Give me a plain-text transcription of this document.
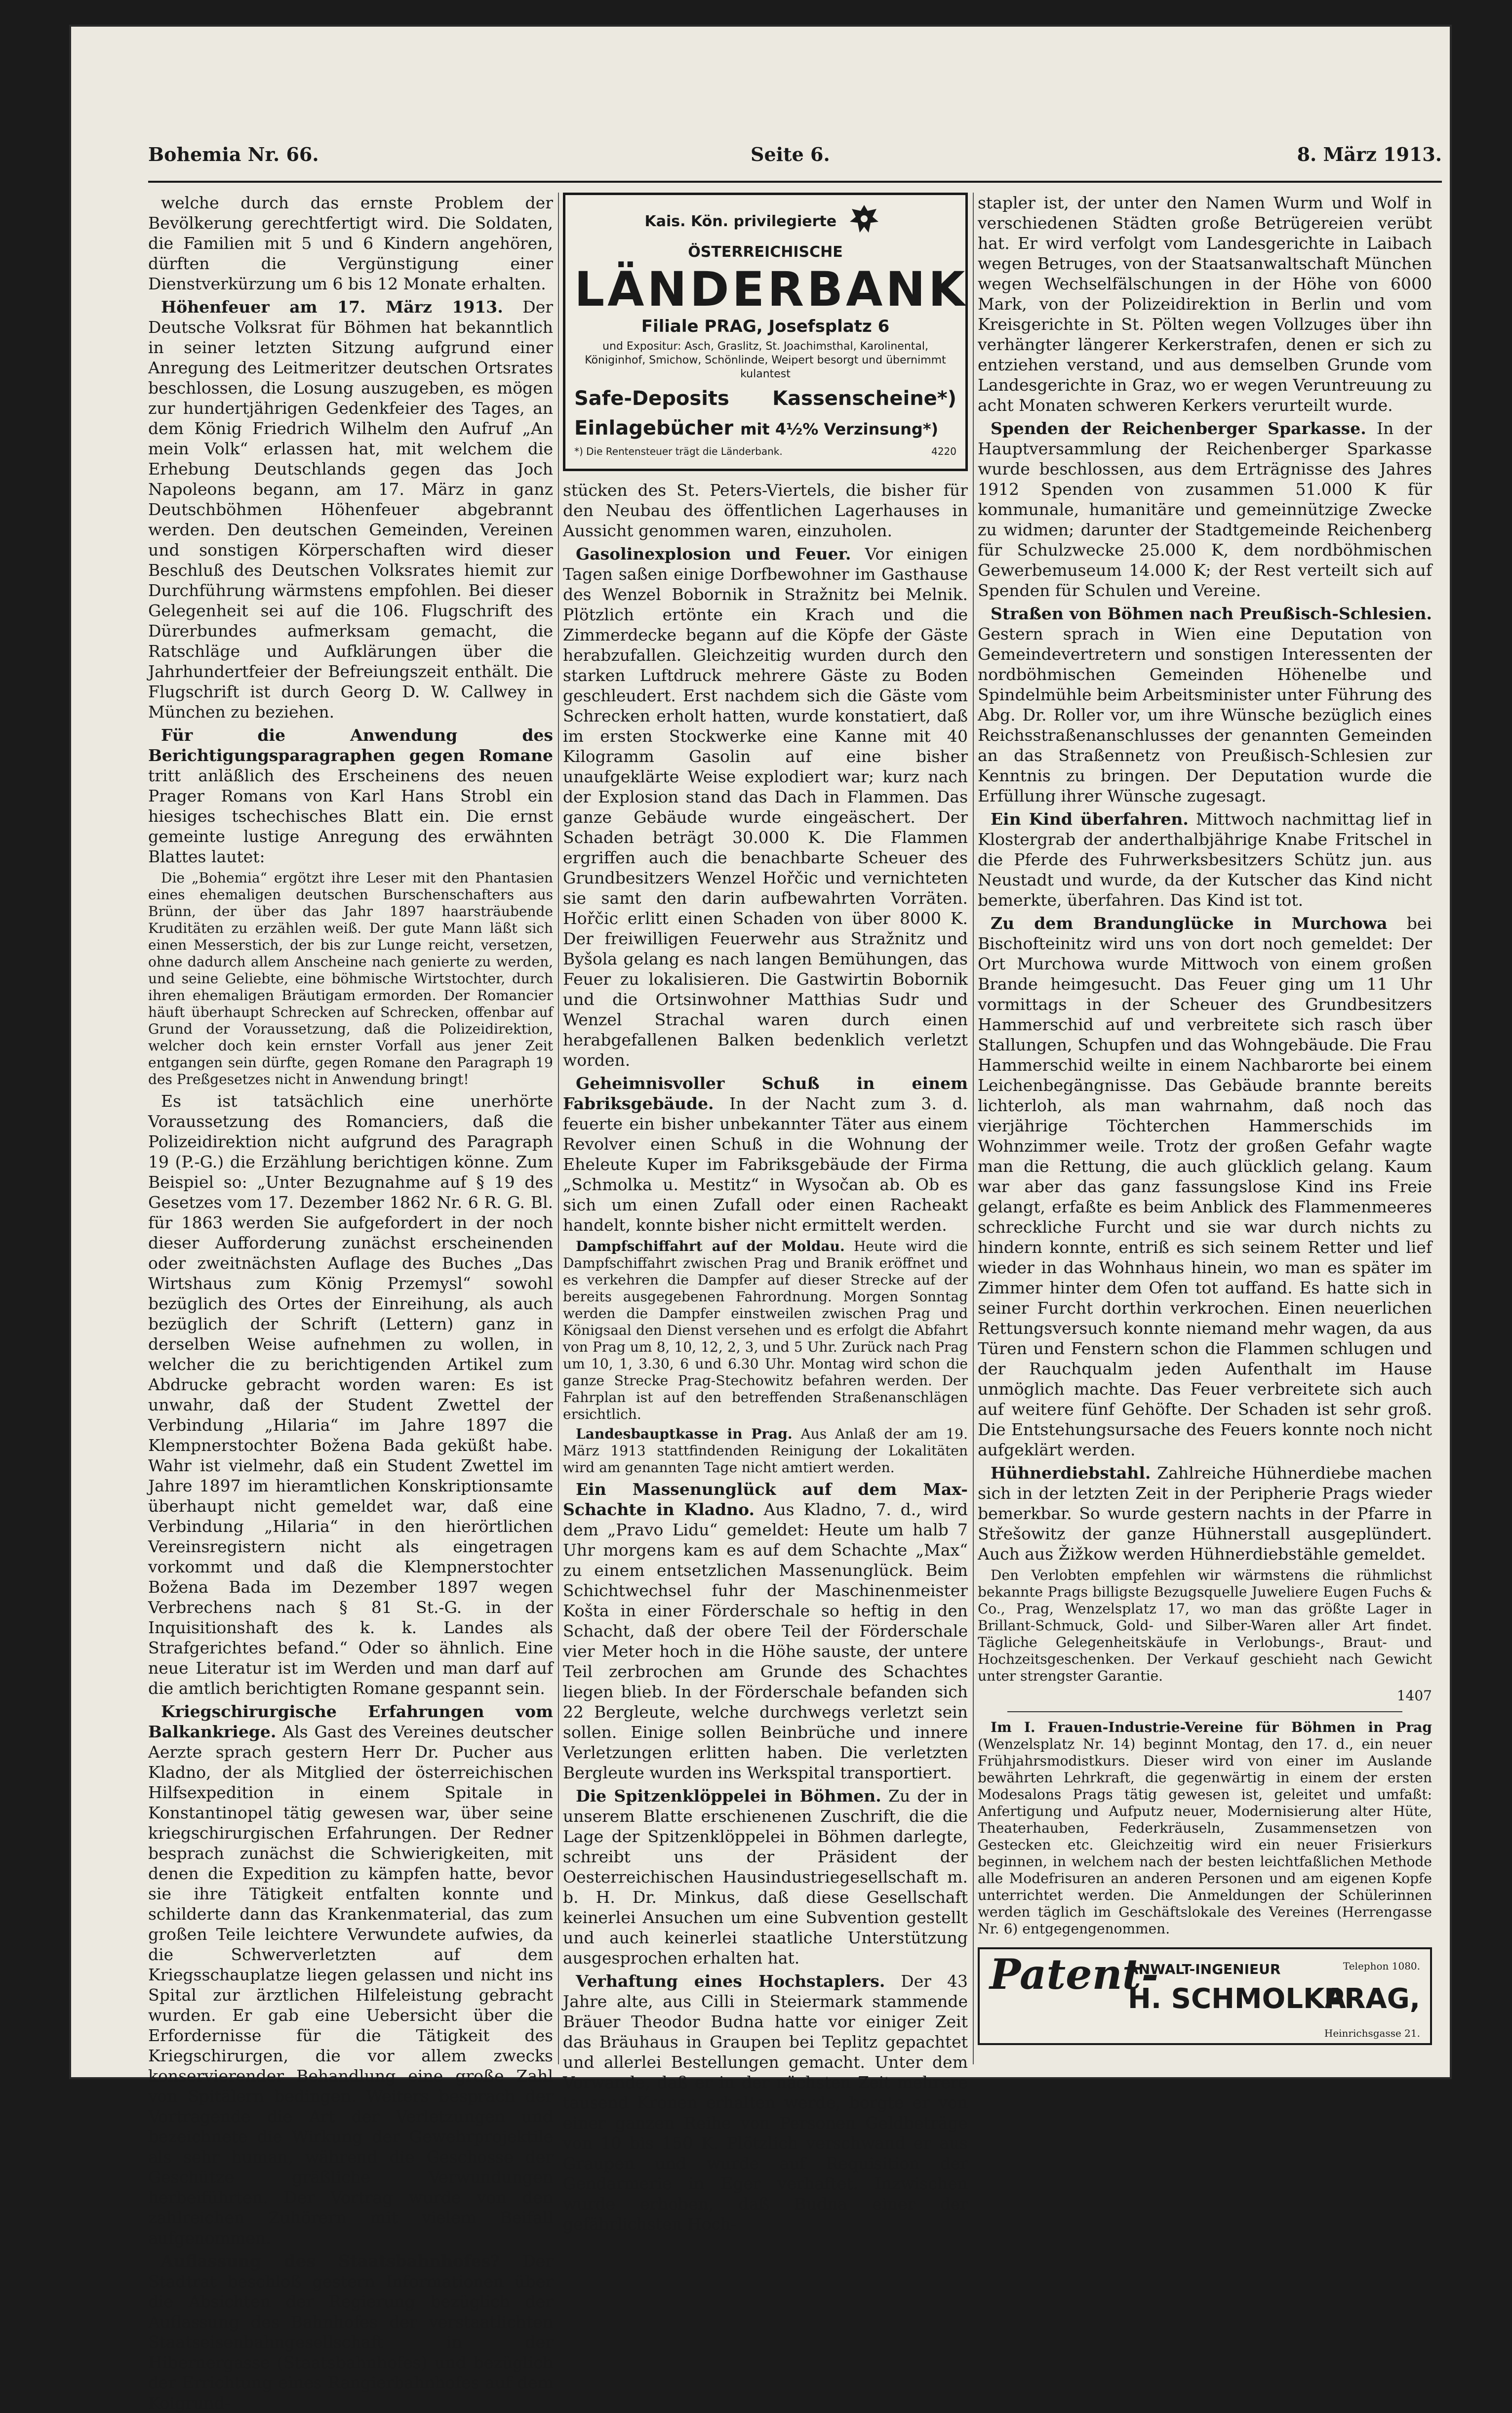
Bohemia Nr. 66.	Seite 6.	8. März 1913.

welche durch das ernste Problem der Bevölkerung gerechtfertigt wird. Die Soldaten, die Familien mit 5 und 6 Kindern angehören, dürften die Vergünstigung einer Dienstverkürzung um 6 bis 12 Monate erhalten.

Höhenfeuer am 17. März 1913. Der Deutsche Volksrat für Böhmen hat bekanntlich in seiner letzten Sitzung aufgrund einer Anregung des Leitmeritzer deutschen Ortsrates beschlossen, die Losung auszugeben, es mögen zur hundertjährigen Gedenkfeier des Tages, an dem König Friedrich Wilhelm den Aufruf „An mein Volk“ erlassen hat, mit welchem die Erhebung Deutschlands gegen das Joch Napoleons begann, am 17. März in ganz Deutschböhmen Höhenfeuer abgebrannt werden. Den deutschen Gemeinden, Vereinen und sonstigen Körperschaften wird dieser Beschluß des Deutschen Volksrates hiemit zur Durchführung wärmstens empfohlen. Bei dieser Gelegenheit sei auf die 106. Flugschrift des Dürerbundes aufmerksam gemacht, die Ratschläge und Aufklärungen über die Jahrhundertfeier der Befreiungszeit enthält. Die Flugschrift ist durch Georg D. W. Callwey in München zu beziehen.

Für die Anwendung des Berichtigungsparagraphen gegen Romane tritt anläßlich des Erscheinens des neuen Prager Romans von Karl Hans Strobl ein hiesiges tschechisches Blatt ein. Die ernst gemeinte lustige Anregung des erwähnten Blattes lautet:

Die „Bohemia“ ergötzt ihre Leser mit den Phantasien eines ehemaligen deutschen Burschenschafters aus Brünn, der über das Jahr 1897 haarsträubende Kruditäten zu erzählen weiß. Der gute Mann läßt sich einen Messerstich, der bis zur Lunge reicht, versetzen, ohne dadurch allem Anscheine nach genierte zu werden, und seine Geliebte, eine böhmische Wirtstochter, durch ihren ehemaligen Bräutigam ermorden. Der Romancier häuft überhaupt Schrecken auf Schrecken, offenbar auf Grund der Voraussetzung, daß die Polizeidirektion, welcher doch kein ernster Vorfall aus jener Zeit entgangen sein dürfte, gegen Romane den Paragraph 19 des Preßgesetzes nicht in Anwendung bringt!

Es ist tatsächlich eine unerhörte Voraussetzung des Romanciers, daß die Polizeidirektion nicht aufgrund des Paragraph 19 (P.-G.) die Erzählung berichtigen könne. Zum Beispiel so: „Unter Bezugnahme auf § 19 des Gesetzes vom 17. Dezember 1862 Nr. 6 R. G. Bl. für 1863 werden Sie aufgefordert in der noch dieser Aufforderung zunächst erscheinenden oder zweitnächsten Auflage des Buches „Das Wirtshaus zum König Przemysl“ sowohl bezüglich des Ortes der Einreihung, als auch bezüglich der Schrift (Lettern) ganz in derselben Weise aufnehmen zu wollen, in welcher die zu berichtigenden Artikel zum Abdrucke gebracht worden waren: Es ist unwahr, daß der Student Zwettel der Verbindung „Hilaria“ im Jahre 1897 die Klempnerstochter Božena Bada geküßt habe. Wahr ist vielmehr, daß ein Student Zwettel im Jahre 1897 im hieramtlichen Konskriptionsamte überhaupt nicht gemeldet war, daß eine Verbindung „Hilaria“ in den hierörtlichen Vereinsregistern nicht als eingetragen vorkommt und daß die Klempnerstochter Božena Bada im Dezember 1897 wegen Verbrechens nach § 81 St.-G. in der Inquisitionshaft des k. k. Landes als Strafgerichtes befand.“ Oder so ähnlich. Eine neue Literatur ist im Werden und man darf auf die amtlich berichtigten Romane gespannt sein.

Kriegschirurgische Erfahrungen vom Balkankriege. Als Gast des Vereines deutscher Aerzte sprach gestern Herr Dr. Pucher aus Kladno, der als Mitglied der österreichischen Hilfsexpedition in einem Spitale in Konstantinopel tätig gewesen war, über seine kriegschirurgischen Erfahrungen. Der Redner besprach zunächst die Schwierigkeiten, mit denen die Expedition zu kämpfen hatte, bevor sie ihre Tätigkeit entfalten konnte und schilderte dann das Krankenmaterial, das zum großen Teile leichtere Verwundete aufwies, da die Schwerverletzten auf dem Kriegsschauplatze liegen gelassen und nicht ins Spital zur ärztlichen Hilfeleistung gebracht wurden. Er gab eine Uebersicht über die Erfordernisse für die Tätigkeit des Kriegschirurgen, die vor allem zwecks konservierender Behandlung eine große Zahl von Spitälern bedingen. Weiters besprach der Vortragende die Art der Verletzungen und bezeichnete die Wirkung der Gewehrprojektile als sehr human, während die Geschosse der Geschütze gräßliche Verwundungen herbeiführten. Der Vortrag wurde von den zahlreichen Zuhörern mit vielem Beifall aufgenommen.

Auflassung des Staatsbahnhofes? Der Stadtrat beschloß gestern Informationen über die Absichten der Regierung bezüglich der Auflassung des Bahnhofes der verstaatlichten Staatseisenbahngesellschaft in der Hibernergasse (Staatsbahnhofes) und bezüglich der Errichtung eines Rangierbahnhofes auf dem Koigrund-

Kais. Kön. privilegierte
ÖSTERREICHISCHE
LÄNDERBANK
Filiale PRAG, Josefsplatz 6
und Expositur: Asch, Graslitz, St. Joachimsthal, Karolinental, Königinhof, Smichow, Schönlinde, Weipert besorgt und übernimmt kulantest
Safe-Deposits Kassenscheine*)
Einlagebücher mit 4½% Verzinsung*)
*) Die Rentensteuer trägt die Länderbank.	4220

stücken des St. Peters-Viertels, die bisher für den Neubau des öffentlichen Lagerhauses in Aussicht genommen waren, einzuholen.

Gasolinexplosion und Feuer. Vor einigen Tagen saßen einige Dorfbewohner im Gasthause des Wenzel Bobornik in Stražnitz bei Melnik. Plötzlich ertönte ein Krach und die Zimmerdecke begann auf die Köpfe der Gäste herabzufallen. Gleichzeitig wurden durch den starken Luftdruck mehrere Gäste zu Boden geschleudert. Erst nachdem sich die Gäste vom Schrecken erholt hatten, wurde konstatiert, daß im ersten Stockwerke eine Kanne mit 40 Kilogramm Gasolin auf eine bisher unaufgeklärte Weise explodiert war; kurz nach der Explosion stand das Dach in Flammen. Das ganze Gebäude wurde eingeäschert. Der Schaden beträgt 30.000 K. Die Flammen ergriffen auch die benachbarte Scheuer des Grundbesitzers Wenzel Hořčic und vernichteten sie samt den darin aufbewahrten Vorräten. Hořčic erlitt einen Schaden von über 8000 K. Der freiwilligen Feuerwehr aus Stražnitz und Byšola gelang es nach langen Bemühungen, das Feuer zu lokalisieren. Die Gastwirtin Bobornik und die Ortsinwohner Matthias Sudr und Wenzel Strachal waren durch einen herabgefallenen Balken bedenklich verletzt worden.

Geheimnisvoller Schuß in einem Fabriksgebäude. In der Nacht zum 3. d. feuerte ein bisher unbekannter Täter aus einem Revolver einen Schuß in die Wohnung der Eheleute Kuper im Fabriksgebäude der Firma „Schmolka u. Mestitz“ in Wysočan ab. Ob es sich um einen Zufall oder einen Racheakt handelt, konnte bisher nicht ermittelt werden.

Dampfschiffahrt auf der Moldau. Heute wird die Dampfschiffahrt zwischen Prag und Branik eröffnet und es verkehren die Dampfer auf dieser Strecke auf der bereits ausgegebenen Fahrordnung. Morgen Sonntag werden die Dampfer einstweilen zwischen Prag und Königsaal den Dienst versehen und es erfolgt die Abfahrt von Prag um 8, 10, 12, 2, 3, und 5 Uhr. Zurück nach Prag um 10, 1, 3.30, 6 und 6.30 Uhr. Montag wird schon die ganze Strecke Prag-Stechowitz befahren werden. Der Fahrplan ist auf den betreffenden Straßenanschlägen ersichtlich.

Landesbauptkasse in Prag. Aus Anlaß der am 19. März 1913 stattfindenden Reinigung der Lokalitäten wird am genannten Tage nicht amtiert werden.

Ein Massenunglück auf dem Max-Schachte in Kladno. Aus Kladno, 7. d., wird dem „Pravo Lidu“ gemeldet: Heute um halb 7 Uhr morgens kam es auf dem Schachte „Max“ zu einem entsetzlichen Massenunglück. Beim Schichtwechsel fuhr der Maschinenmeister Košta in einer Förderschale so heftig in den Schacht, daß der obere Teil der Förderschale vier Meter hoch in die Höhe sauste, der untere Teil zerbrochen am Grunde des Schachtes liegen blieb. In der Förderschale befanden sich 22 Bergleute, welche durchwegs verletzt sein sollen. Einige sollen Beinbrüche und innere Verletzungen erlitten haben. Die verletzten Bergleute wurden ins Werkspital transportiert.

Die Spitzenklöppelei in Böhmen. Zu der in unserem Blatte erschienenen Zuschrift, die die Lage der Spitzenklöppelei in Böhmen darlegte, schreibt uns der Präsident der Oesterreichischen Hausindustriegesellschaft m. b. H. Dr. Minkus, daß diese Gesellschaft keinerlei Ansuchen um eine Subvention gestellt und auch keinerlei staatliche Unterstützung ausgesprochen erhalten hat.

Verhaftung eines Hochstaplers. Der 43 Jahre alte, aus Cilli in Steiermark stammende Bräuer Theodor Budna hatte vor einiger Zeit das Bräuhaus in Graupen bei Teplitz gepachtet und allerlei Bestellungen gemacht. Unter dem Vorwande, daß er in der nächsten Zeit mehrere tausend Kronen erhalten werde, borgte er von einer ganzen Reihe von Personen Geldbeträge von 10 bis 150 K. Plötzlich verschwand er aus Graupen und wurde auf Requisition der Gendarmerie in Eger verhaftet. Inzwischen wurde erhoben, daß Budna einer der gefährlichsten Hoch-

stapler ist, der unter den Namen Wurm und Wolf in verschiedenen Städten große Betrügereien verübt hat. Er wird verfolgt vom Landesgerichte in Laibach wegen Betruges, von der Staatsanwaltschaft München wegen Wechselfälschungen in der Höhe von 6000 Mark, von der Polizeidirektion in Berlin und vom Kreisgerichte in St. Pölten wegen Vollzuges über ihn verhängter längerer Kerkerstrafen, denen er sich zu entziehen verstand, und aus demselben Grunde vom Landesgerichte in Graz, wo er wegen Veruntreuung zu acht Monaten schweren Kerkers verurteilt wurde.

Spenden der Reichenberger Sparkasse. In der Hauptversammlung der Reichenberger Sparkasse wurde beschlossen, aus dem Erträgnisse des Jahres 1912 Spenden von zusammen 51.000 K für kommunale, humanitäre und gemeinnützige Zwecke zu widmen; darunter der Stadtgemeinde Reichenberg für Schulzwecke 25.000 K, dem nordböhmischen Gewerbemuseum 14.000 K; der Rest verteilt sich auf Spenden für Schulen und Vereine.

Straßen von Böhmen nach Preußisch-Schlesien. Gestern sprach in Wien eine Deputation von Gemeindevertretern und sonstigen Interessenten der nordböhmischen Gemeinden Höhenelbe und Spindelmühle beim Arbeitsminister unter Führung des Abg. Dr. Roller vor, um ihre Wünsche bezüglich eines Reichsstraßenanschlusses der genannten Gemeinden an das Straßennetz von Preußisch-Schlesien zur Kenntnis zu bringen. Der Deputation wurde die Erfüllung ihrer Wünsche zugesagt.

Ein Kind überfahren. Mittwoch nachmittag lief in Klostergrab der anderthalbjährige Knabe Fritschel in die Pferde des Fuhrwerksbesitzers Schütz jun. aus Neustadt und wurde, da der Kutscher das Kind nicht bemerkte, überfahren. Das Kind ist tot.

Zu dem Brandunglücke in Murchowa bei Bischofteinitz wird uns von dort noch gemeldet: Der Ort Murchowa wurde Mittwoch von einem großen Brande heimgesucht. Das Feuer ging um 11 Uhr vormittags in der Scheuer des Grundbesitzers Hammerschid auf und verbreitete sich rasch über Stallungen, Schupfen und das Wohngebäude. Die Frau Hammerschid weilte in einem Nachbarorte bei einem Leichenbegängnisse. Das Gebäude brannte bereits lichterloh, als man wahrnahm, daß noch das vierjährige Töchterchen Hammerschids im Wohnzimmer weile. Trotz der großen Gefahr wagte man die Rettung, die auch glücklich gelang. Kaum war aber das ganz fassungslose Kind ins Freie gelangt, erfaßte es beim Anblick des Flammenmeeres schreckliche Furcht und sie war durch nichts zu hindern konnte, entriß es sich seinem Retter und lief wieder in das Wohnhaus hinein, wo man es später im Zimmer hinter dem Ofen tot auffand. Es hatte sich in seiner Furcht dorthin verkrochen. Einen neuerlichen Rettungsversuch konnte niemand mehr wagen, da aus Türen und Fenstern schon die Flammen schlugen und der Rauchqualm jeden Aufenthalt im Hause unmöglich machte. Das Feuer verbreitete sich auch auf weitere fünf Gehöfte. Der Schaden ist sehr groß. Die Entstehungsursache des Feuers konnte noch nicht aufgeklärt werden.

Hühnerdiebstahl. Zahlreiche Hühnerdiebe machen sich in der letzten Zeit in der Peripherie Prags wieder bemerkbar. So wurde gestern nachts in der Pfarre in Střešowitz der ganze Hühnerstall ausgeplündert. Auch aus Žižkow werden Hühnerdiebstähle gemeldet.

Den Verlobten empfehlen wir wärmstens die rühmlichst bekannte Prags billigste Bezugsquelle Juweliere Eugen Fuchs & Co., Prag, Wenzelsplatz 17, wo man das größte Lager in Brillant-Schmuck, Gold- und Silber-Waren aller Art findet. Tägliche Gelegenheitskäufe in Verlobungs-, Braut- und Hochzeitsgeschenken. Der Verkauf geschieht nach Gewicht unter strengster Garantie.

1407

Im I. Frauen-Industrie-Vereine für Böhmen in Prag (Wenzelsplatz Nr. 14) beginnt Montag, den 17. d., ein neuer Frühjahrsmodistkurs. Dieser wird von einer im Auslande bewährten Lehrkraft, die gegenwärtig in einem der ersten Modesalons Prags tätig gewesen ist, geleitet und umfaßt: Anfertigung und Aufputz neuer, Modernisierung alter Hüte, Theaterhauben, Federkräuseln, Zusammensetzen von Gestecken etc. Gleichzeitig wird ein neuer Frisierkurs beginnen, in welchem nach der besten leichtfaßlichen Methode alle Modefrisuren an anderen Personen und am eigenen Kopfe unterrichtet werden. Die Anmeldungen der Schülerinnen werden täglich im Geschäftslokale des Vereines (Herrengasse Nr. 6) entgegengenommen.

Patent-
ANWALT-INGENIEUR
H. SCHMOLKA
Telephon 1080.
PRAG,
Heinrichsgasse 21.
